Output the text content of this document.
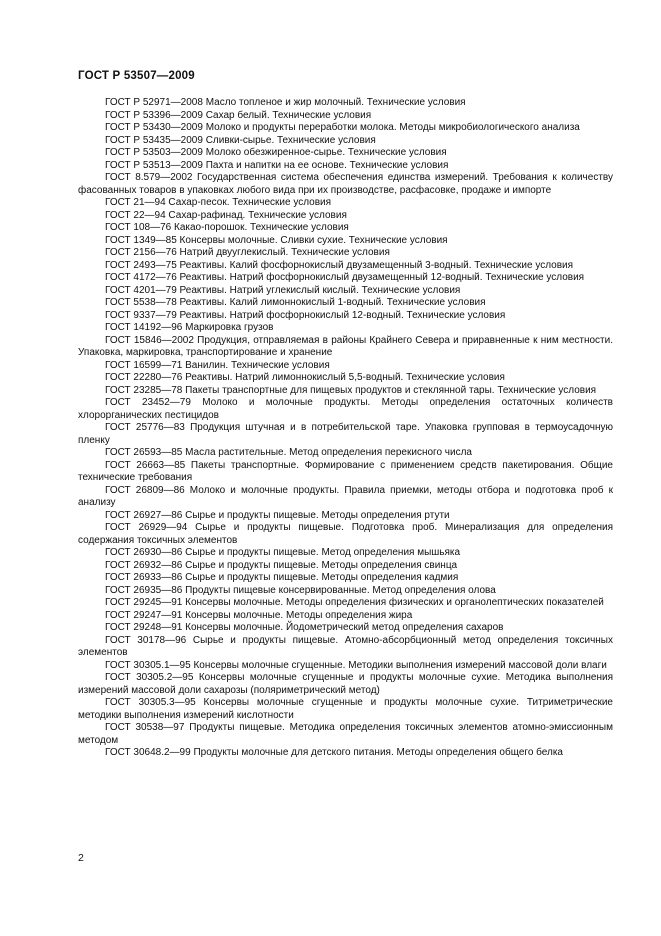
ГОСТ Р 53507—2009

ГОСТ Р 52971—2008 Масло топленое и жир молочный. Технические условия

ГОСТ Р 53396—2009 Сахар белый. Технические условия

ГОСТ Р 53430—2009 Молоко и продукты переработки молока. Методы микробиологического анализа

ГОСТ Р 53435—2009 Сливки-сырье. Технические условия

ГОСТ Р 53503—2009 Молоко обезжиренное-сырье. Технические условия

ГОСТ Р 53513—2009 Пахта и напитки на ее основе. Технические условия

ГОСТ 8.579—2002 Государственная система обеспечения единства измерений. Требования к количеству фасованных товаров в упаковках любого вида при их производстве, расфасовке, продаже и импорте

ГОСТ 21—94 Сахар-песок. Технические условия

ГОСТ 22—94 Сахар-рафинад. Технические условия

ГОСТ 108—76 Какао-порошок. Технические условия

ГОСТ 1349—85 Консервы молочные. Сливки сухие. Технические условия

ГОСТ 2156—76 Натрий двууглекислый. Технические условия

ГОСТ 2493—75 Реактивы. Калий фосфорнокислый двузамещенный 3-водный. Технические условия

ГОСТ 4172—76 Реактивы. Натрий фосфорнокислый двузамещенный 12-водный. Технические условия

ГОСТ 4201—79 Реактивы. Натрий углекислый кислый. Технические условия

ГОСТ 5538—78 Реактивы. Калий лимоннокислый 1-водный. Технические условия

ГОСТ 9337—79 Реактивы. Натрий фосфорнокислый 12-водный. Технические условия

ГОСТ 14192—96 Маркировка грузов

ГОСТ 15846—2002 Продукция, отправляемая в районы Крайнего Севера и приравненные к ним местности. Упаковка, маркировка, транспортирование и хранение

ГОСТ 16599—71 Ванилин. Технические условия

ГОСТ 22280—76 Реактивы. Натрий лимоннокислый 5,5-водный. Технические условия

ГОСТ 23285—78 Пакеты транспортные для пищевых продуктов и стеклянной тары. Технические условия

ГОСТ 23452—79 Молоко и молочные продукты. Методы определения остаточных количеств хлорорганических пестицидов

ГОСТ 25776—83 Продукция штучная и в потребительской таре. Упаковка групповая в термоусадочную пленку

ГОСТ 26593—85 Масла растительные. Метод определения перекисного числа

ГОСТ 26663—85 Пакеты транспортные. Формирование с применением средств пакетирования. Общие технические требования

ГОСТ 26809—86 Молоко и молочные продукты. Правила приемки, методы отбора и подготовка проб к анализу

ГОСТ 26927—86 Сырье и продукты пищевые. Методы определения ртути

ГОСТ 26929—94 Сырье и продукты пищевые. Подготовка проб. Минерализация для определения содержания токсичных элементов

ГОСТ 26930—86 Сырье и продукты пищевые. Метод определения мышьяка

ГОСТ 26932—86 Сырье и продукты пищевые. Методы определения свинца

ГОСТ 26933—86 Сырье и продукты пищевые. Методы определения кадмия

ГОСТ 26935—86 Продукты пищевые консервированные. Метод определения олова

ГОСТ 29245—91 Консервы молочные. Методы определения физических и органолептических показателей

ГОСТ 29247—91 Консервы молочные. Методы определения жира

ГОСТ 29248—91 Консервы молочные. Йодометрический метод определения сахаров

ГОСТ 30178—96 Сырье и продукты пищевые. Атомно-абсорбционный метод определения токсичных элементов

ГОСТ 30305.1—95 Консервы молочные сгущенные. Методики выполнения измерений массовой доли влаги

ГОСТ 30305.2—95 Консервы молочные сгущенные и продукты молочные сухие. Методика выполнения измерений массовой доли сахарозы (поляриметрический метод)

ГОСТ 30305.3—95 Консервы молочные сгущенные и продукты молочные сухие. Титриметрические методики выполнения измерений кислотности

ГОСТ 30538—97 Продукты пищевые. Методика определения токсичных элементов атомно-эмиссионным методом

ГОСТ 30648.2—99 Продукты молочные для детского питания. Методы определения общего белка

2
